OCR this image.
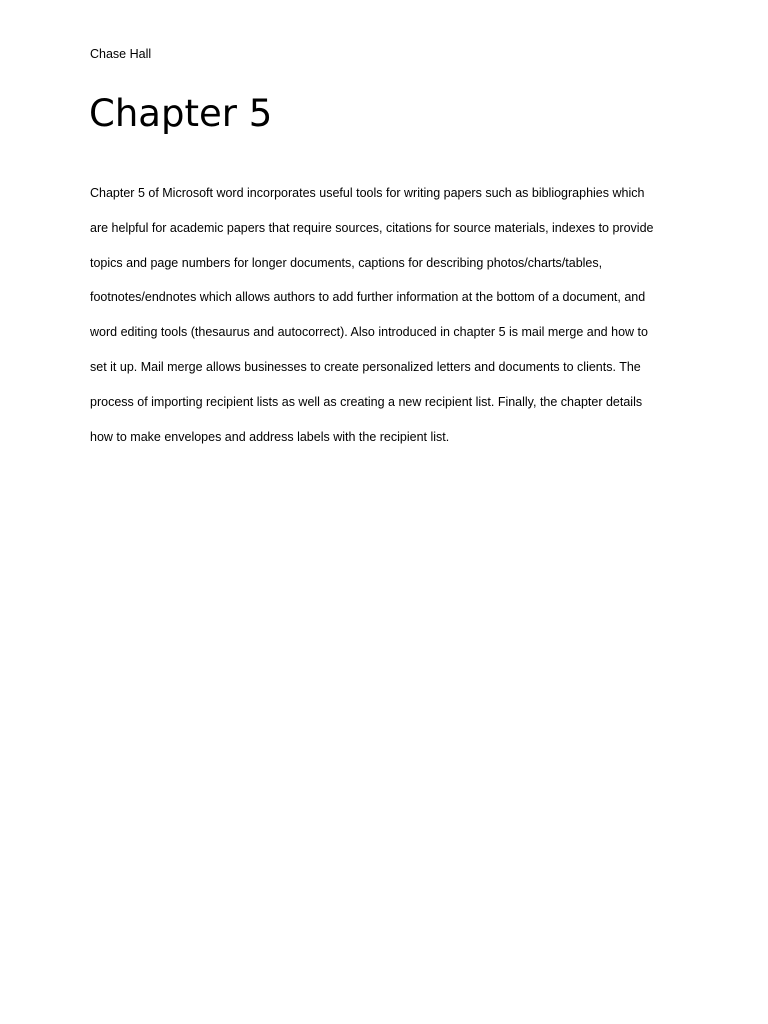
Chase Hall
Chapter 5
Chapter 5 of Microsoft word incorporates useful tools for writing papers such as bibliographies which
are helpful for academic papers that require sources, citations for source materials, indexes to provide
topics and page numbers for longer documents, captions for describing photos/charts/tables,
footnotes/endnotes which allows authors to add further information at the bottom of a document, and
word editing tools (thesaurus and autocorrect). Also introduced in chapter 5 is mail merge and how to
set it up. Mail merge allows businesses to create personalized letters and documents to clients. The
process of importing recipient lists as well as creating a new recipient list. Finally, the chapter details
how to make envelopes and address labels with the recipient list.
